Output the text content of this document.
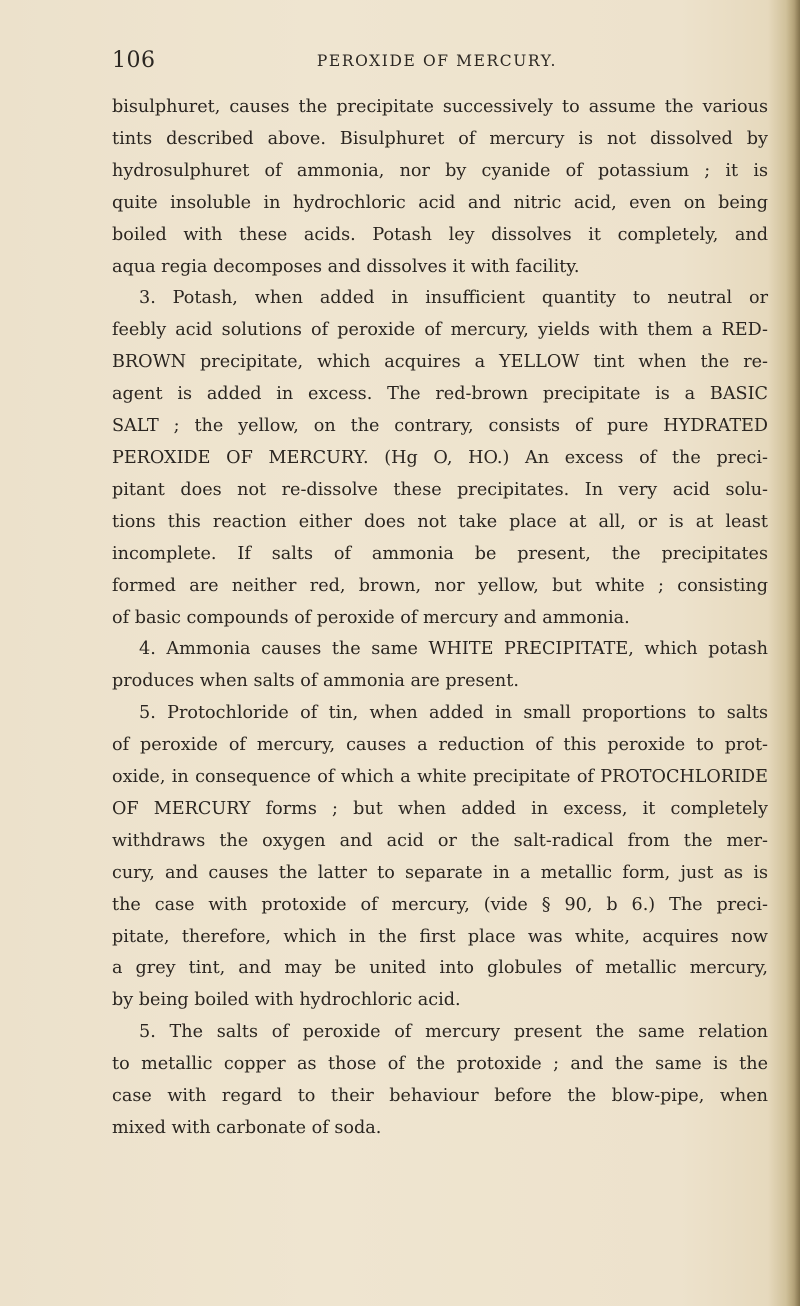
106	PEROXIDE OF MERCURY.
bisulphuret, causes the precipitate successively to assume the various
tints described above. Bisulphuret of mercury is not dissolved by
hydrosulphuret of ammonia, nor by cyanide of potassium ; it is
quite insoluble in hydrochloric acid and nitric acid, even on being
boiled with these acids. Potash ley dissolves it completely, and
aqua regia decomposes and dissolves it with facility.
3. Potash, when added in insufficient quantity to neutral or
feebly acid solutions of peroxide of mercury, yields with them a RED-
BROWN precipitate, which acquires a YELLOW tint when the re-
agent is added in excess. The red-brown precipitate is a BASIC
SALT ; the yellow, on the contrary, consists of pure HYDRATED
PEROXIDE OF MERCURY. (Hg O, HO.) An excess of the preci-
pitant does not re-dissolve these precipitates. In very acid solu-
tions this reaction either does not take place at all, or is at least
incomplete. If salts of ammonia be present, the precipitates
formed are neither red, brown, nor yellow, but white ; consisting
of basic compounds of peroxide of mercury and ammonia.
4. Ammonia causes the same WHITE PRECIPITATE, which potash
produces when salts of ammonia are present.
5. Protochloride of tin, when added in small proportions to salts
of peroxide of mercury, causes a reduction of this peroxide to prot-
oxide, in consequence of which a white precipitate of PROTOCHLORIDE
OF MERCURY forms ; but when added in excess, it completely
withdraws the oxygen and acid or the salt-radical from the mer-
cury, and causes the latter to separate in a metallic form, just as is
the case with protoxide of mercury, (vide § 90, b 6.) The preci-
pitate, therefore, which in the first place was white, acquires now
a grey tint, and may be united into globules of metallic mercury,
by being boiled with hydrochloric acid.
5. The salts of peroxide of mercury present the same relation
to metallic copper as those of the protoxide ; and the same is the
case with regard to their behaviour before the blow-pipe, when
mixed with carbonate of soda.
